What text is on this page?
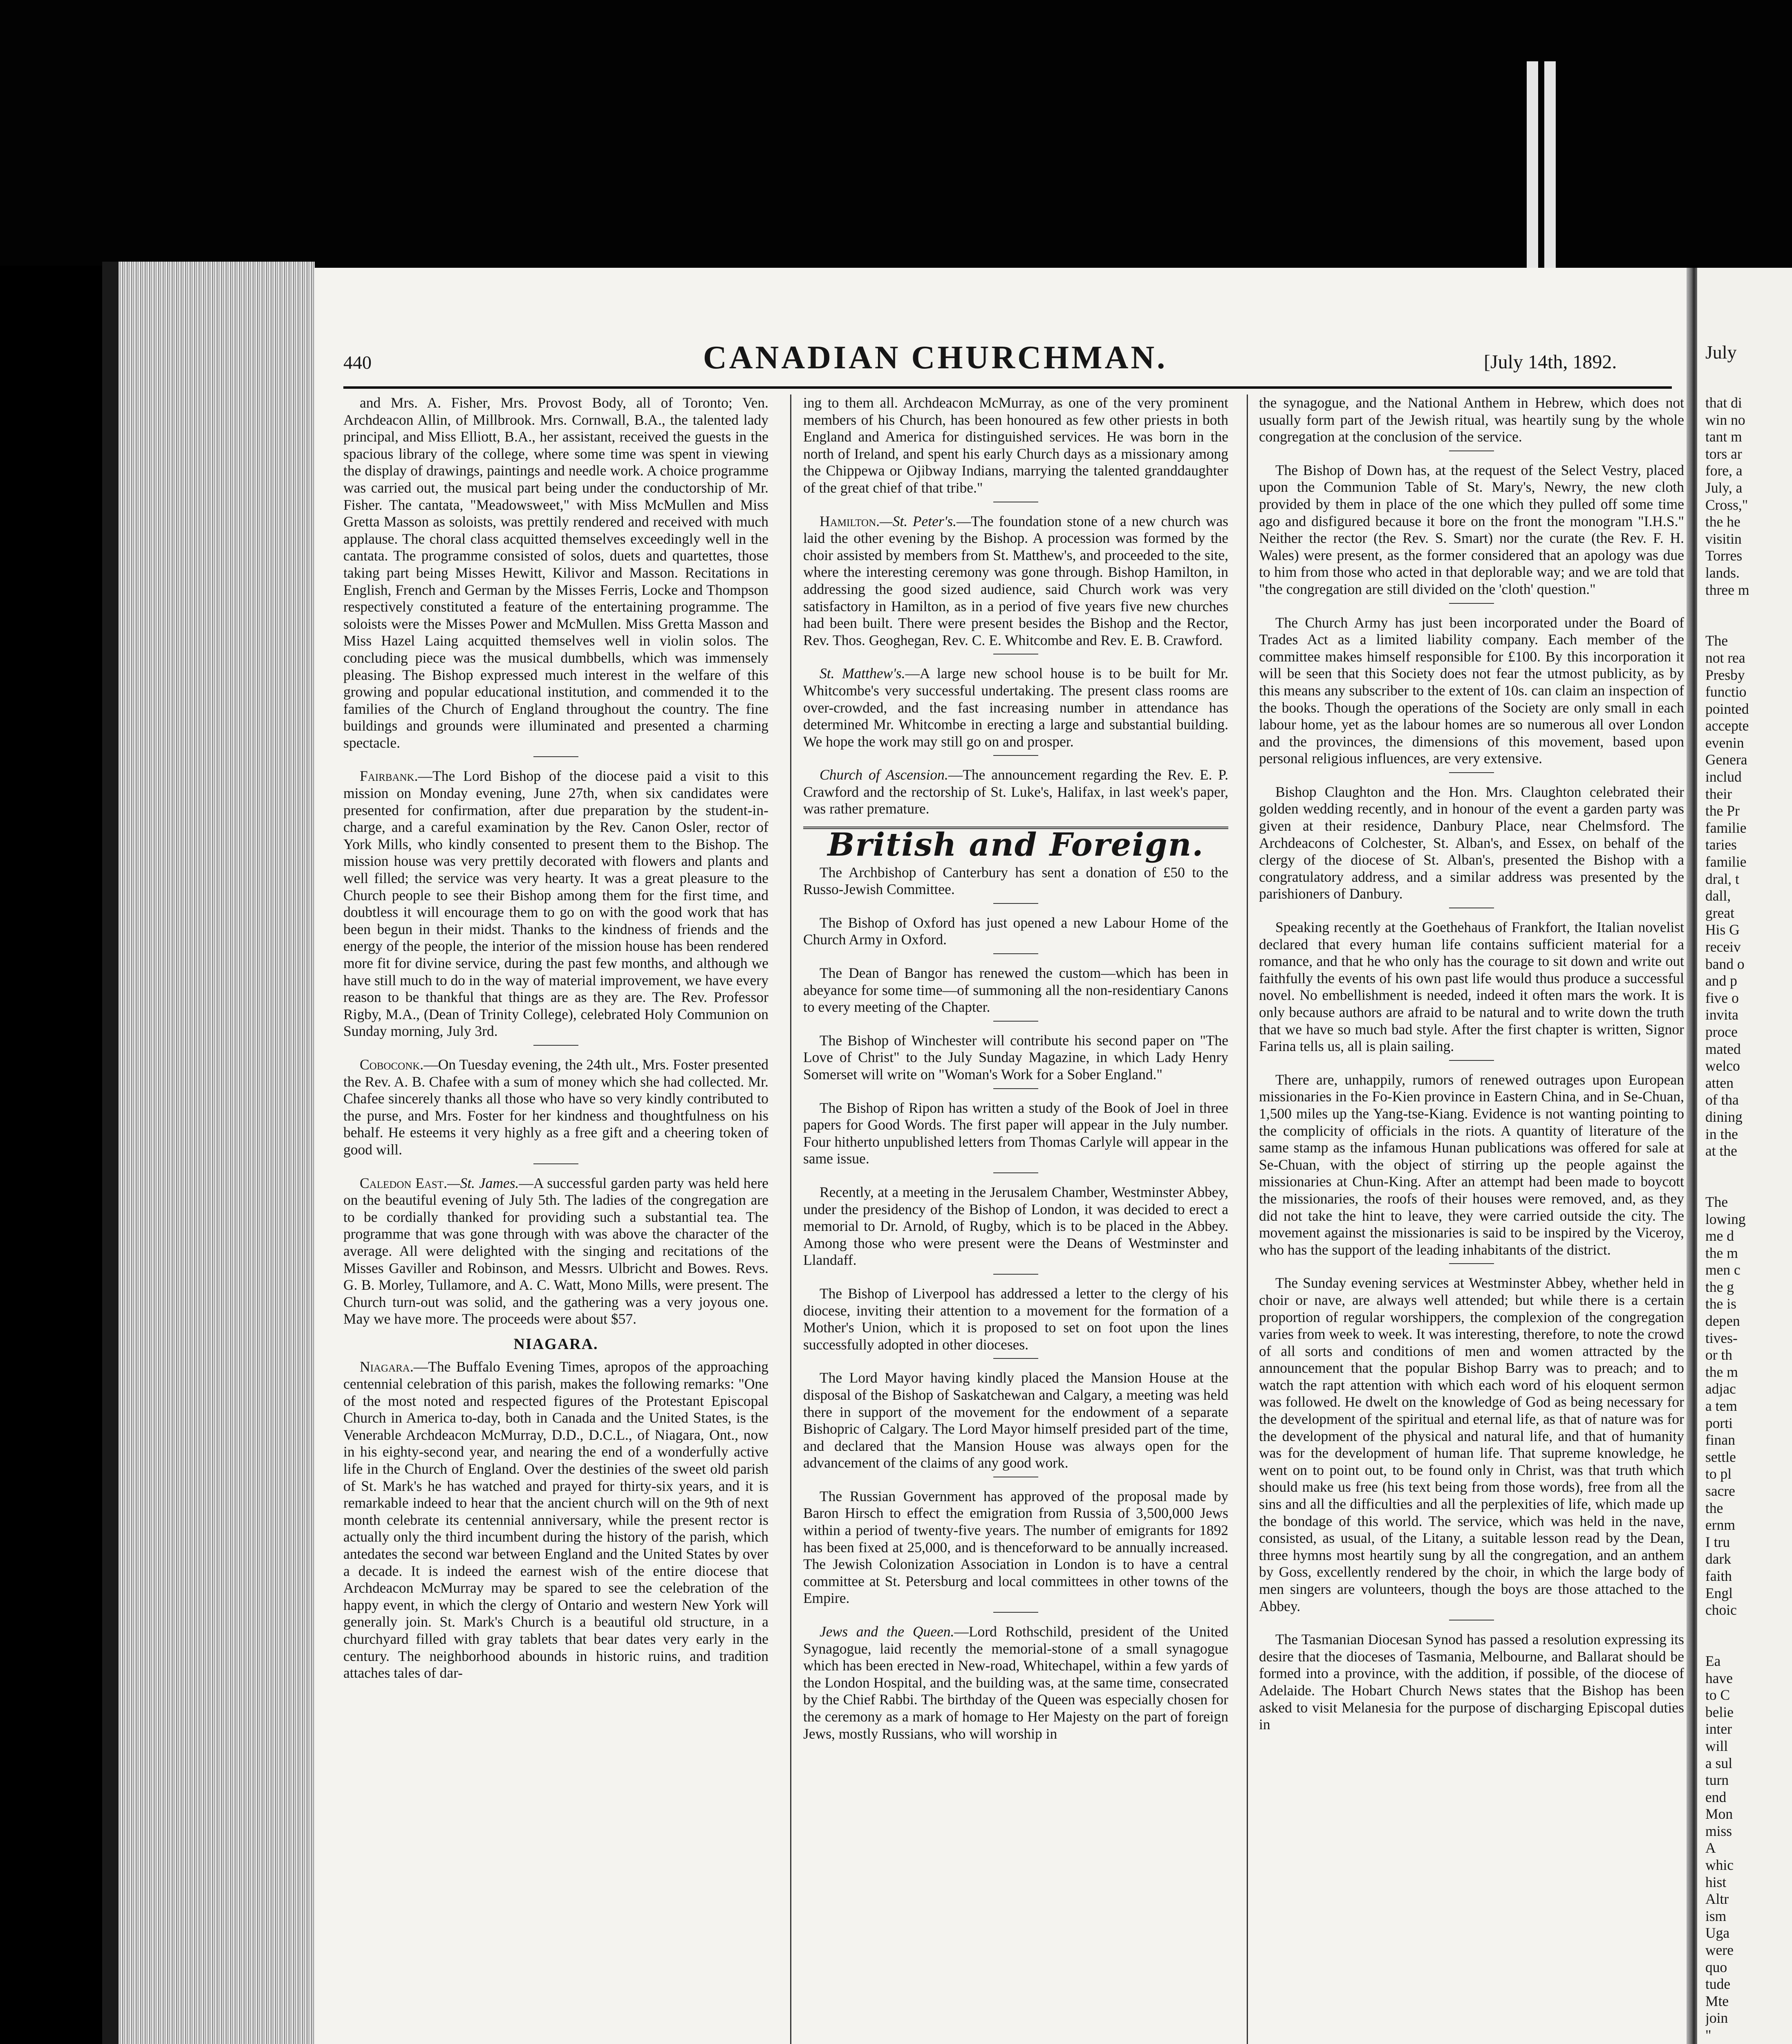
440	CANADIAN CHURCHMAN.	[July 14th, 1892.

and Mrs. A. Fisher, Mrs. Provost Body, all of Toronto; Ven. Archdeacon Allin, of Millbrook. Mrs. Cornwall, B.A., the talented lady principal, and Miss Elliott, B.A., her assistant, received the guests in the spacious library of the college, where some time was spent in viewing the display of drawings, paintings and needle work. A choice programme was carried out, the musical part being under the conductorship of Mr. Fisher. The cantata, "Meadowsweet," with Miss McMullen and Miss Gretta Masson as soloists, was prettily rendered and received with much applause. The choral class acquitted themselves exceedingly well in the cantata. The programme consisted of solos, duets and quartettes, those taking part being Misses Hewitt, Kilivor and Masson. Recitations in English, French and German by the Misses Ferris, Locke and Thompson respectively constituted a feature of the entertaining programme. The soloists were the Misses Power and McMullen. Miss Gretta Masson and Miss Hazel Laing acquitted themselves well in violin solos. The concluding piece was the musical dumbbells, which was immensely pleasing. The Bishop expressed much interest in the welfare of this growing and popular educational institution, and commended it to the families of the Church of England throughout the country. The fine buildings and grounds were illuminated and presented a charming spectacle.

Fairbank.—The Lord Bishop of the diocese paid a visit to this mission on Monday evening, June 27th, when six candidates were presented for confirmation, after due preparation by the student-in-charge, and a careful examination by the Rev. Canon Osler, rector of York Mills, who kindly consented to present them to the Bishop. The mission house was very prettily decorated with flowers and plants and well filled; the service was very hearty. It was a great pleasure to the Church people to see their Bishop among them for the first time, and doubtless it will encourage them to go on with the good work that has been begun in their midst. Thanks to the kindness of friends and the energy of the people, the interior of the mission house has been rendered more fit for divine service, during the past few months, and although we have still much to do in the way of material improvement, we have every reason to be thankful that things are as they are. The Rev. Professor Rigby, M.A., (Dean of Trinity College), celebrated Holy Communion on Sunday morning, July 3rd.

Coboconk.—On Tuesday evening, the 24th ult., Mrs. Foster presented the Rev. A. B. Chafee with a sum of money which she had collected. Mr. Chafee sincerely thanks all those who have so very kindly contributed to the purse, and Mrs. Foster for her kindness and thoughtfulness on his behalf. He esteems it very highly as a free gift and a cheering token of good will.

Caledon East.—St. James.—A successful garden party was held here on the beautiful evening of July 5th. The ladies of the congregation are to be cordially thanked for providing such a substantial tea. The programme that was gone through with was above the character of the average. All were delighted with the singing and recitations of the Misses Gaviller and Robinson, and Messrs. Ulbricht and Bowes. Revs. G. B. Morley, Tullamore, and A. C. Watt, Mono Mills, were present. The Church turn-out was solid, and the gathering was a very joyous one. May we have more. The proceeds were about $57.

NIAGARA.

Niagara.—The Buffalo Evening Times, apropos of the approaching centennial celebration of this parish, makes the following remarks: "One of the most noted and respected figures of the Protestant Episcopal Church in America to-day, both in Canada and the United States, is the Venerable Archdeacon McMurray, D.D., D.C.L., of Niagara, Ont., now in his eighty-second year, and nearing the end of a wonderfully active life in the Church of England. Over the destinies of the sweet old parish of St. Mark's he has watched and prayed for thirty-six years, and it is remarkable indeed to hear that the ancient church will on the 9th of next month celebrate its centennial anniversary, while the present rector is actually only the third incumbent during the history of the parish, which antedates the second war between England and the United States by over a decade. It is indeed the earnest wish of the entire diocese that Archdeacon McMurray may be spared to see the celebration of the happy event, in which the clergy of Ontario and western New York will generally join. St. Mark's Church is a beautiful old structure, in a churchyard filled with gray tablets that bear dates very early in the century. The neighborhood abounds in historic ruins, and tradition attaches tales of dar-

ing to them all. Archdeacon McMurray, as one of the very prominent members of his Church, has been honoured as few other priests in both England and America for distinguished services. He was born in the north of Ireland, and spent his early Church days as a missionary among the Chippewa or Ojibway Indians, marrying the talented granddaughter of the great chief of that tribe."

Hamilton.—St. Peter's.—The foundation stone of a new church was laid the other evening by the Bishop. A procession was formed by the choir assisted by members from St. Matthew's, and proceeded to the site, where the interesting ceremony was gone through. Bishop Hamilton, in addressing the good sized audience, said Church work was very satisfactory in Hamilton, as in a period of five years five new churches had been built. There were present besides the Bishop and the Rector, Rev. Thos. Geoghegan, Rev. C. E. Whitcombe and Rev. E. B. Crawford.

St. Matthew's.—A large new school house is to be built for Mr. Whitcombe's very successful undertaking. The present class rooms are over-crowded, and the fast increasing number in attendance has determined Mr. Whitcombe in erecting a large and substantial building. We hope the work may still go on and prosper.

Church of Ascension.—The announcement regarding the Rev. E. P. Crawford and the rectorship of St. Luke's, Halifax, in last week's paper, was rather premature.

British and Foreign.

The Archbishop of Canterbury has sent a donation of £50 to the Russo-Jewish Committee.

The Bishop of Oxford has just opened a new Labour Home of the Church Army in Oxford.

The Dean of Bangor has renewed the custom—which has been in abeyance for some time—of summoning all the non-residentiary Canons to every meeting of the Chapter.

The Bishop of Winchester will contribute his second paper on "The Love of Christ" to the July Sunday Magazine, in which Lady Henry Somerset will write on "Woman's Work for a Sober England."

The Bishop of Ripon has written a study of the Book of Joel in three papers for Good Words. The first paper will appear in the July number. Four hitherto unpublished letters from Thomas Carlyle will appear in the same issue.

Recently, at a meeting in the Jerusalem Chamber, Westminster Abbey, under the presidency of the Bishop of London, it was decided to erect a memorial to Dr. Arnold, of Rugby, which is to be placed in the Abbey. Among those who were present were the Deans of Westminster and Llandaff.

The Bishop of Liverpool has addressed a letter to the clergy of his diocese, inviting their attention to a movement for the formation of a Mother's Union, which it is proposed to set on foot upon the lines successfully adopted in other dioceses.

The Lord Mayor having kindly placed the Mansion House at the disposal of the Bishop of Saskatchewan and Calgary, a meeting was held there in support of the movement for the endowment of a separate Bishopric of Calgary. The Lord Mayor himself presided part of the time, and declared that the Mansion House was always open for the advancement of the claims of any good work.

The Russian Government has approved of the proposal made by Baron Hirsch to effect the emigration from Russia of 3,500,000 Jews within a period of twenty-five years. The number of emigrants for 1892 has been fixed at 25,000, and is thenceforward to be annually increased. The Jewish Colonization Association in London is to have a central committee at St. Petersburg and local committees in other towns of the Empire.

Jews and the Queen.—Lord Rothschild, president of the United Synagogue, laid recently the memorial-stone of a small synagogue which has been erected in New-road, Whitechapel, within a few yards of the London Hospital, and the building was, at the same time, consecrated by the Chief Rabbi. The birthday of the Queen was especially chosen for the ceremony as a mark of homage to Her Majesty on the part of foreign Jews, mostly Russians, who will worship in

the synagogue, and the National Anthem in Hebrew, which does not usually form part of the Jewish ritual, was heartily sung by the whole congregation at the conclusion of the service.

The Bishop of Down has, at the request of the Select Vestry, placed upon the Communion Table of St. Mary's, Newry, the new cloth provided by them in place of the one which they pulled off some time ago and disfigured because it bore on the front the monogram "I.H.S." Neither the rector (the Rev. S. Smart) nor the curate (the Rev. F. H. Wales) were present, as the former considered that an apology was due to him from those who acted in that deplorable way; and we are told that "the congregation are still divided on the 'cloth' question."

The Church Army has just been incorporated under the Board of Trades Act as a limited liability company. Each member of the committee makes himself responsible for £100. By this incorporation it will be seen that this Society does not fear the utmost publicity, as by this means any subscriber to the extent of 10s. can claim an inspection of the books. Though the operations of the Society are only small in each labour home, yet as the labour homes are so numerous all over London and the provinces, the dimensions of this movement, based upon personal religious influences, are very extensive.

Bishop Claughton and the Hon. Mrs. Claughton celebrated their golden wedding recently, and in honour of the event a garden party was given at their residence, Danbury Place, near Chelmsford. The Archdeacons of Colchester, St. Alban's, and Essex, on behalf of the clergy of the diocese of St. Alban's, presented the Bishop with a congratulatory address, and a similar address was presented by the parishioners of Danbury.

Speaking recently at the Goethehaus of Frankfort, the Italian novelist declared that every human life contains sufficient material for a romance, and that he who only has the courage to sit down and write out faithfully the events of his own past life would thus produce a successful novel. No embellishment is needed, indeed it often mars the work. It is only because authors are afraid to be natural and to write down the truth that we have so much bad style. After the first chapter is written, Signor Farina tells us, all is plain sailing.

There are, unhappily, rumors of renewed outrages upon European missionaries in the Fo-Kien province in Eastern China, and in Se-Chuan, 1,500 miles up the Yang-tse-Kiang. Evidence is not wanting pointing to the complicity of officials in the riots. A quantity of literature of the same stamp as the infamous Hunan publications was offered for sale at Se-Chuan, with the object of stirring up the people against the missionaries at Chun-King. After an attempt had been made to boycott the missionaries, the roofs of their houses were removed, and, as they did not take the hint to leave, they were carried outside the city. The movement against the missionaries is said to be inspired by the Viceroy, who has the support of the leading inhabitants of the district.

The Sunday evening services at Westminster Abbey, whether held in choir or nave, are always well attended; but while there is a certain proportion of regular worshippers, the complexion of the congregation varies from week to week. It was interesting, therefore, to note the crowd of all sorts and conditions of men and women attracted by the announcement that the popular Bishop Barry was to preach; and to watch the rapt attention with which each word of his eloquent sermon was followed. He dwelt on the knowledge of God as being necessary for the development of the spiritual and eternal life, as that of nature was for the development of the physical and natural life, and that of humanity was for the development of human life. That supreme knowledge, he went on to point out, to be found only in Christ, was that truth which should make us free (his text being from those words), free from all the sins and all the difficulties and all the perplexities of life, which made up the bondage of this world. The service, which was held in the nave, consisted, as usual, of the Litany, a suitable lesson read by the Dean, three hymns most heartily sung by all the congregation, and an anthem by Goss, excellently rendered by the choir, in which the large body of men singers are volunteers, though the boys are those attached to the Abbey.

The Tasmanian Diocesan Synod has passed a resolution expressing its desire that the dioceses of Tasmania, Melbourne, and Ballarat should be formed into a province, with the addition, if possible, of the diocese of Adelaide. The Hobart Church News states that the Bishop has been asked to visit Melanesia for the purpose of discharging Episcopal duties in

July
that di
win no
tant m
tors ar
fore, a
July, a
Cross,"
the he
visitin
Torres
lands.
three m

The
not rea
Presby
functio
pointed
accepte
evenin
Genera
includ
their
the Pr
familie
taries
familie
dral, t
dall,
great
His G
receiv
band o
and p
five o
invita
proce
mated
welco
atten
of tha
dining
in the
at the

The
lowing
me d
the m
men c
the g
the is
depen
tives-
or th
the m
adjac
a tem
porti
finan
settle
to pl
sacre
the
ernm
I tru
dark
faith
Engl
choic

Ea
have
to C
belie
inter
will
a sul
turn
end
Mon
miss
A
whic
hist
Altr
ism
Uga
were
quo
tude
Mte
join
"
